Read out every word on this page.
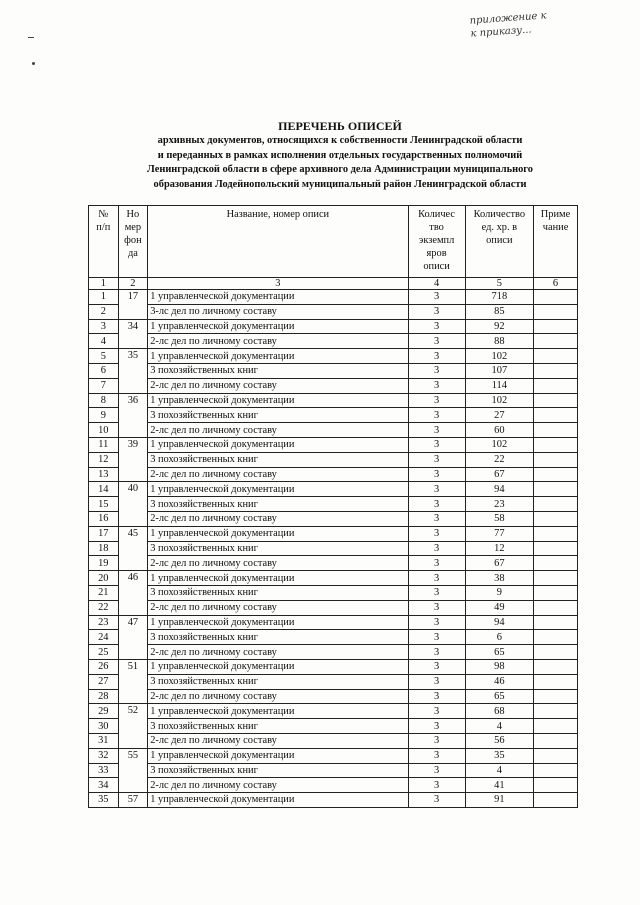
приложение к
к приказу...
ПЕРЕЧЕНЬ ОПИСЕЙ
архивных документов, относящихся к собственности Ленинградской области
и переданных в рамках исполнения отдельных государственных полномочий
Ленинградской области в сфере архивного дела Администрации муниципального
образования Лодейнопольский муниципальный район Ленинградской области
№
п/п	Но
мер
фон
да	Название, номер описи	Количес
тво
экземпл
яров
описи	Количество
ед. хр. в
описи	Приме
чание
1	2	3	4	5	6
1	17	1 управленческой документации	3	718	
2		3-лс дел по личному составу	3	85	
3	34	1 управленческой документации	3	92	
4		2-лс дел по личному составу	3	88	
5	35	1 управленческой документации	3	102	
6		3 похозяйственных книг	3	107	
7		2-лс дел по личному составу	3	114	
8	36	1 управленческой документации	3	102	
9		3 похозяйственных книг	3	27	
10		2-лс дел по личному составу	3	60	
11	39	1 управленческой документации	3	102	
12		3 похозяйственных книг	3	22	
13		2-лс дел по личному составу	3	67	
14	40	1 управленческой документации	3	94	
15		3 похозяйственных книг	3	23	
16		2-лс дел по личному составу	3	58	
17	45	1 управленческой документации	3	77	
18		3 похозяйственных книг	3	12	
19		2-лс дел по личному составу	3	67	
20	46	1 управленческой документации	3	38	
21		3 похозяйственных книг	3	9	
22		2-лс дел по личному составу	3	49	
23	47	1 управленческой документации	3	94	
24		3 похозяйственных книг	3	6	
25		2-лс дел по личному составу	3	65	
26	51	1 управленческой документации	3	98	
27		3 похозяйственных книг	3	46	
28		2-лс дел по личному составу	3	65	
29	52	1 управленческой документации	3	68	
30		3 похозяйственных книг	3	4	
31		2-лс дел по личному составу	3	56	
32	55	1 управленческой документации	3	35	
33		3 похозяйственных книг	3	4	
34		2-лс дел по личному составу	3	41	
35	57	1 управленческой документации	3	91	
